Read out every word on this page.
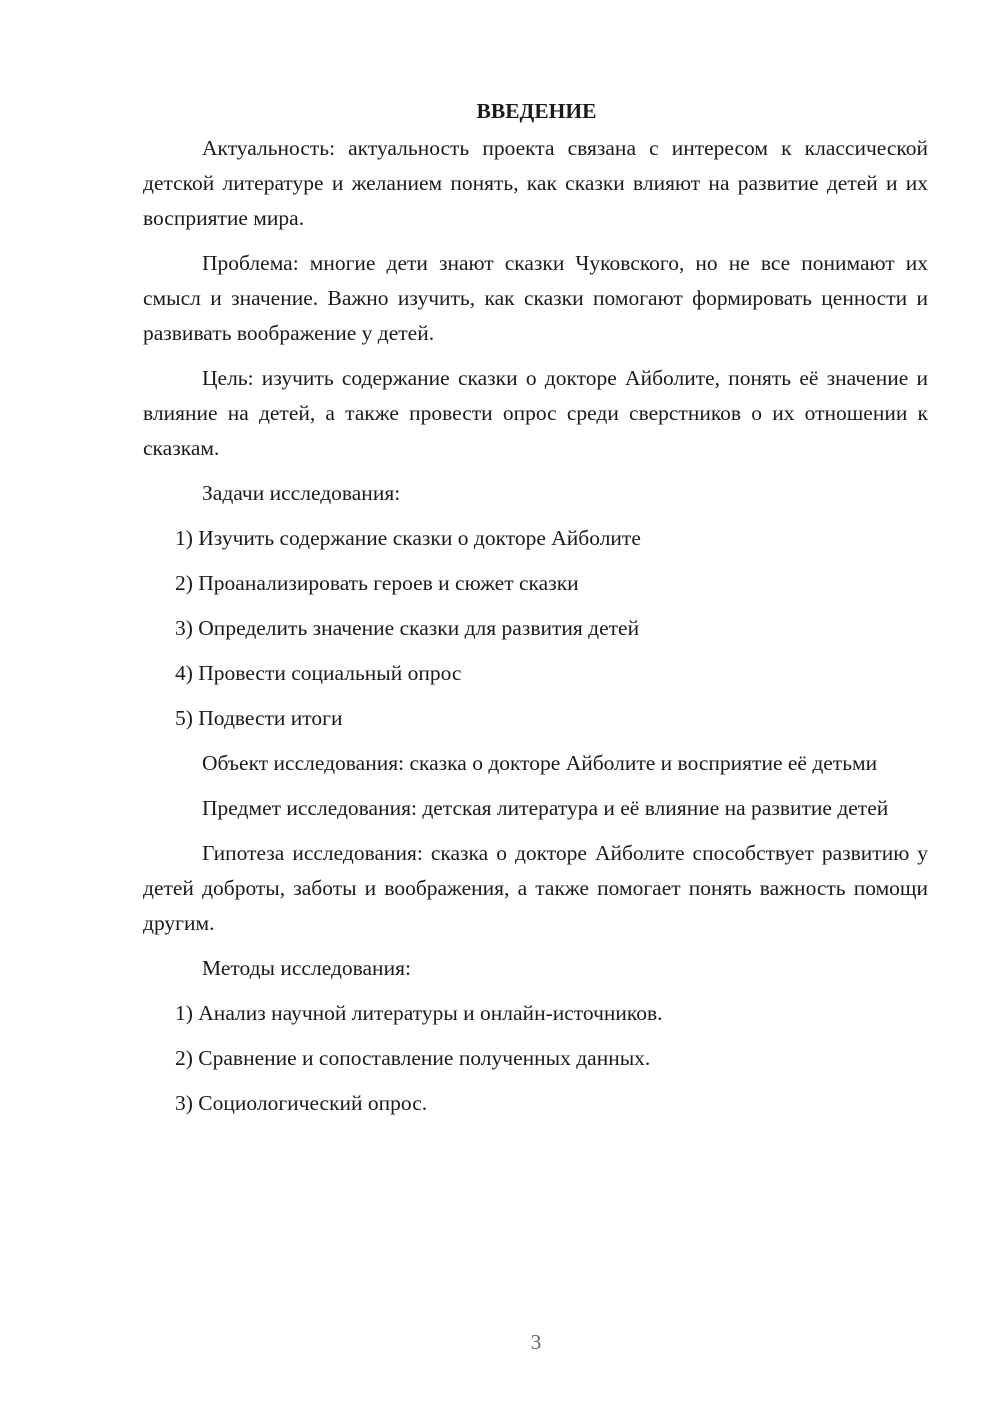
ВВЕДЕНИЕ

Актуальность: актуальность проекта связана с интересом к классической детской литературе и желанием понять, как сказки влияют на развитие детей и их восприятие мира.

Проблема: многие дети знают сказки Чуковского, но не все понимают их смысл и значение. Важно изучить, как сказки помогают формировать ценности и развивать воображение у детей.

Цель: изучить содержание сказки о докторе Айболите, понять её значение и влияние на детей, а также провести опрос среди сверстников о их отношении к сказкам.

Задачи исследования:

1) Изучить содержание сказки о докторе Айболите

2) Проанализировать героев и сюжет сказки

3) Определить значение сказки для развития детей

4) Провести социальный опрос

5) Подвести итоги

Объект исследования: сказка о докторе Айболите и восприятие её детьми

Предмет исследования: детская литература и её влияние на развитие детей

Гипотеза исследования: сказка о докторе Айболите способствует развитию у детей доброты, заботы и воображения, а также помогает понять важность помощи другим.

Методы исследования:

1) Анализ научной литературы и онлайн-источников.

2) Сравнение и сопоставление полученных данных.

3) Социологический опрос.

3
